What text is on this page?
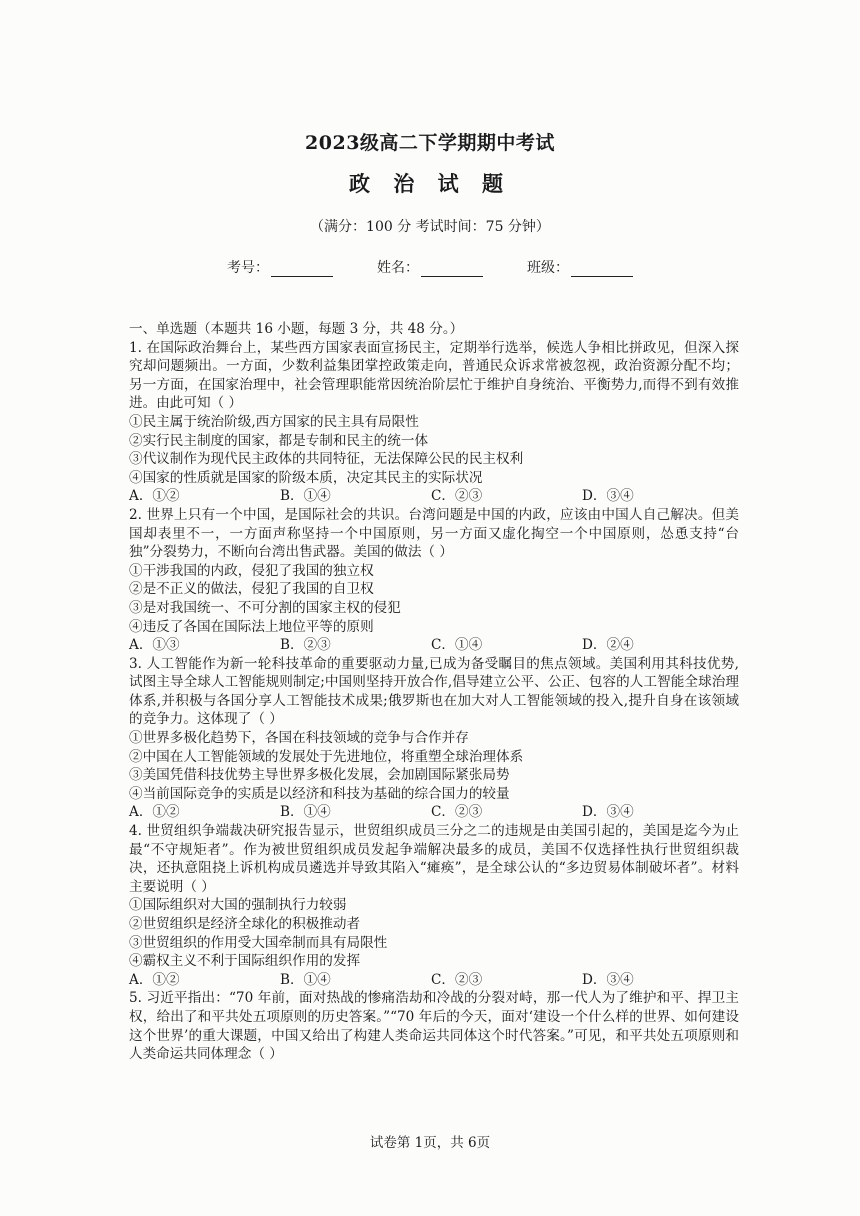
2023级高二下学期期中考试
政 治 试 题
（满分：100 分 考试时间：75 分钟）
考号：	姓名：	班级：

一、单选题（本题共 16 小题，每题 3 分，共 48 分。）

1. 在国际政治舞台上，某些西方国家表面宣扬民主，定期举行选举，候选人争相比拼政见，但深入探究却问题频出。一方面，少数利益集团掌控政策走向，普通民众诉求常被忽视，政治资源分配不均；另一方面，在国家治理中，社会管理职能常因统治阶层忙于维护自身统治、平衡势力,而得不到有效推进。由此可知（ ）

①民主属于统治阶级,西方国家的民主具有局限性

②实行民主制度的国家，都是专制和民主的统一体

③代议制作为现代民主政体的共同特征，无法保障公民的民主权利

④国家的性质就是国家的阶级本质，决定其民主的实际状况

A．①②	B．①④	C．②③	D．③④

2. 世界上只有一个中国，是国际社会的共识。台湾问题是中国的内政，应该由中国人自己解决。但美国却表里不一，一方面声称坚持一个中国原则，另一方面又虚化掏空一个中国原则，怂恿支持“台独”分裂势力，不断向台湾出售武器。美国的做法（ ）

①干涉我国的内政，侵犯了我国的独立权

②是不正义的做法，侵犯了我国的自卫权

③是对我国统一、不可分割的国家主权的侵犯

④违反了各国在国际法上地位平等的原则

A．①③	B．②③	C．①④	D．②④

3. 人工智能作为新一轮科技革命的重要驱动力量,已成为备受瞩目的焦点领域。美国利用其科技优势,试图主导全球人工智能规则制定;中国则坚持开放合作,倡导建立公平、公正、包容的人工智能全球治理体系,并积极与各国分享人工智能技术成果;俄罗斯也在加大对人工智能领域的投入,提升自身在该领域的竞争力。这体现了（ ）

①世界多极化趋势下，各国在科技领域的竞争与合作并存

②中国在人工智能领域的发展处于先进地位，将重塑全球治理体系

③美国凭借科技优势主导世界多极化发展，会加剧国际紧张局势

④当前国际竞争的实质是以经济和科技为基础的综合国力的较量

A．①②	B．①④	C．②③	D．③④

4. 世贸组织争端裁决研究报告显示，世贸组织成员三分之二的违规是由美国引起的，美国是迄今为止最“不守规矩者”。作为被世贸组织成员发起争端解决最多的成员，美国不仅选择性执行世贸组织裁决，还执意阻挠上诉机构成员遴选并导致其陷入“瘫痪”，是全球公认的“多边贸易体制破坏者”。材料主要说明（ ）

①国际组织对大国的强制执行力较弱

②世贸组织是经济全球化的积极推动者

③世贸组织的作用受大国牵制而具有局限性

④霸权主义不利于国际组织作用的发挥

A．①②	B．①④	C．②③	D．③④

5. 习近平指出：“70 年前，面对热战的惨痛浩劫和冷战的分裂对峙，那一代人为了维护和平、捍卫主权，给出了和平共处五项原则的历史答案。”“70 年后的今天，面对‘建设一个什么样的世界、如何建设这个世界’的重大课题，中国又给出了构建人类命运共同体这个时代答案。”可见，和平共处五项原则和人类命运共同体理念（ ）

试卷第 1页，共 6页
